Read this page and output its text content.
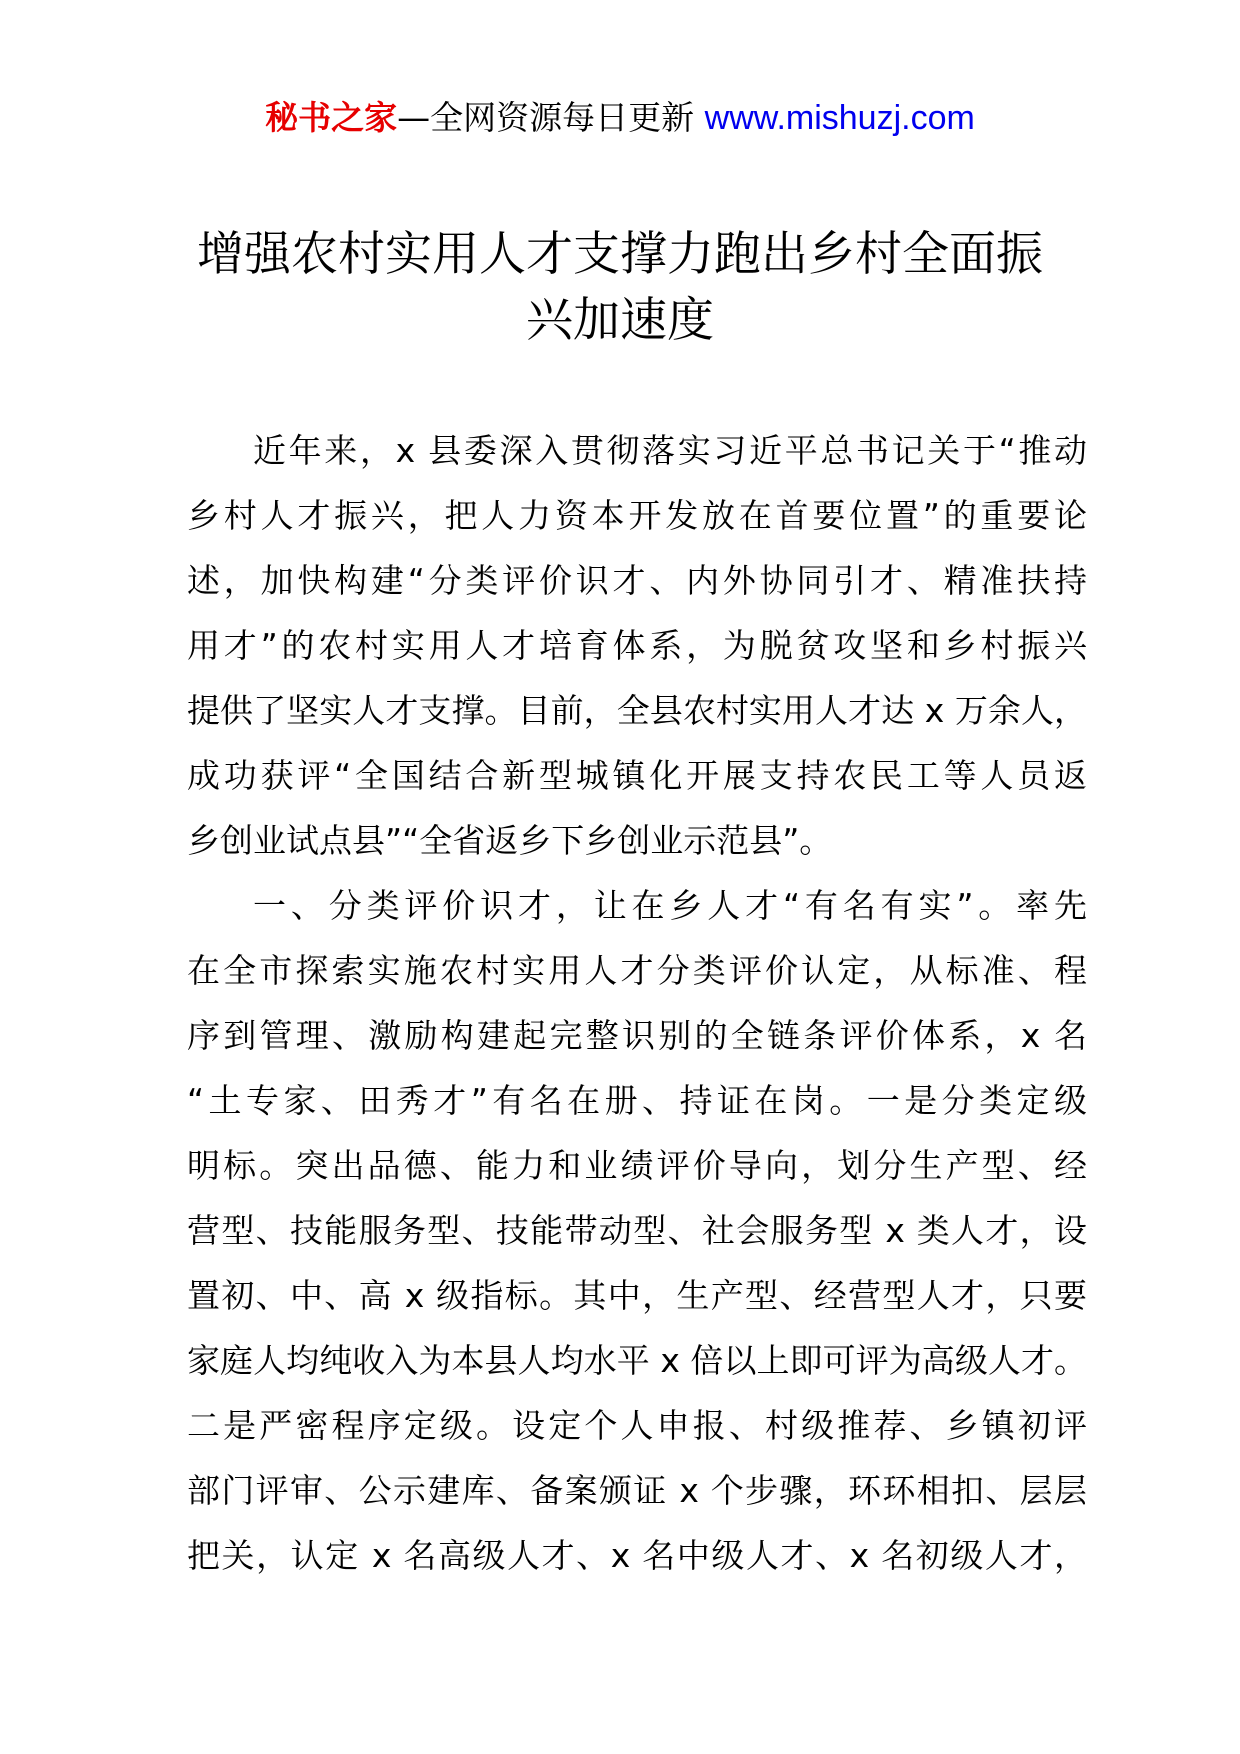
秘书之家—全网资源每日更新 www.mishuzj.com
增强农村实用人才支撑力跑出乡村全面振
兴加速度
近年来，x 县委深入贯彻落实习近平总书记关于“推动
乡村人才振兴，把人力资本开发放在首要位置”的重要论
述，加快构建“分类评价识才、内外协同引才、精准扶持
用才”的农村实用人才培育体系，为脱贫攻坚和乡村振兴
提供了坚实人才支撑。目前，全县农村实用人才达 x 万余人，
成功获评“全国结合新型城镇化开展支持农民工等人员返
乡创业试点县”“全省返乡下乡创业示范县”。
一、分类评价识才，让在乡人才“有名有实”。率先
在全市探索实施农村实用人才分类评价认定，从标准、程
序到管理、激励构建起完整识别的全链条评价体系，x 名
“土专家、田秀才”有名在册、持证在岗。一是分类定级
明标。突出品德、能力和业绩评价导向，划分生产型、经
营型、技能服务型、技能带动型、社会服务型 x 类人才，设
置初、中、高 x 级指标。其中，生产型、经营型人才，只要
家庭人均纯收入为本县人均水平 x 倍以上即可评为高级人才。
二是严密程序定级。设定个人申报、村级推荐、乡镇初评
部门评审、公示建库、备案颁证 x 个步骤，环环相扣、层层
把关，认定 x 名高级人才、x 名中级人才、x 名初级人才，
